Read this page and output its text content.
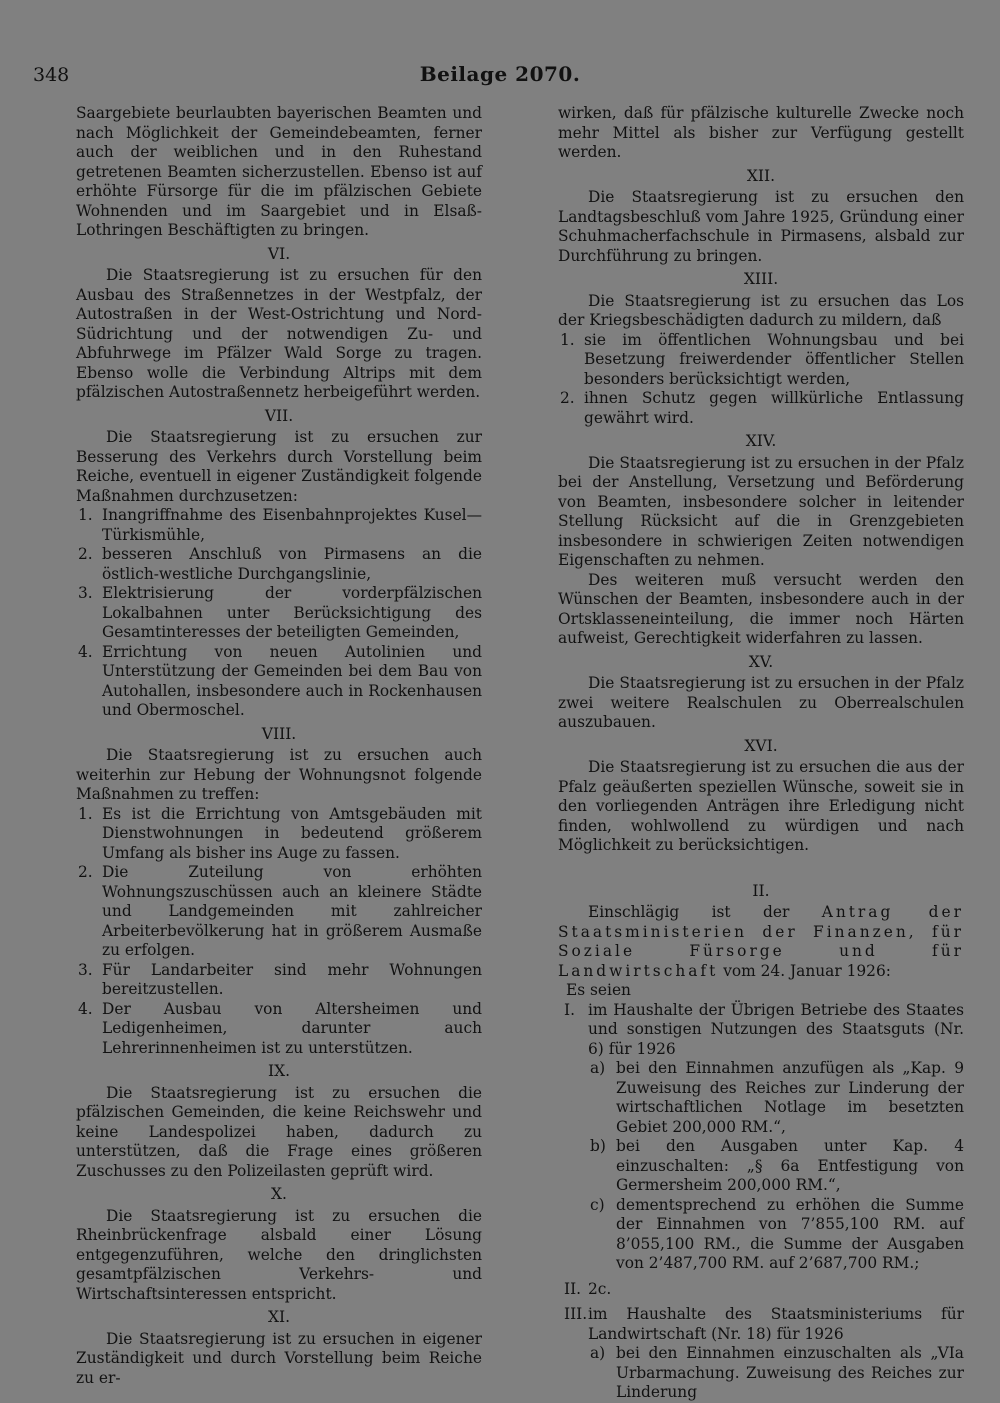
348	Beilage 2070.

Saargebiete beurlaubten bayerischen Beamten und nach Möglichkeit der Gemeindebeamten, ferner auch der weiblichen und in den Ruhestand getretenen Beamten sicherzustellen. Ebenso ist auf erhöhte Fürsorge für die im pfälzischen Gebiete Wohnenden und im Saargebiet und in Elsaß-Lothringen Beschäftigten zu bringen.

VI.

Die Staatsregierung ist zu ersuchen für den Ausbau des Straßennetzes in der Westpfalz, der Autostraßen in der West-Ostrichtung und Nord-Südrichtung und der notwendigen Zu- und Abfuhrwege im Pfälzer Wald Sorge zu tragen. Ebenso wolle die Verbindung Altrips mit dem pfälzischen Autostraßennetz herbeigeführt werden.

VII.

Die Staatsregierung ist zu ersuchen zur Besserung des Verkehrs durch Vorstellung beim Reiche, eventuell in eigener Zuständigkeit folgende Maßnahmen durchzusetzen:

1. Inangriffnahme des Eisenbahnprojektes Kusel—Türkismühle,
2. besseren Anschluß von Pirmasens an die östlich-westliche Durchgangslinie,
3. Elektrisierung der vorderpfälzischen Lokalbahnen unter Berücksichtigung des Gesamtinteresses der beteiligten Gemeinden,
4. Errichtung von neuen Autolinien und Unterstützung der Gemeinden bei dem Bau von Autohallen, insbesondere auch in Rockenhausen und Obermoschel.
VIII.

Die Staatsregierung ist zu ersuchen auch weiterhin zur Hebung der Wohnungsnot folgende Maßnahmen zu treffen:

1. Es ist die Errichtung von Amtsgebäuden mit Dienstwohnungen in bedeutend größerem Umfang als bisher ins Auge zu fassen.
2. Die Zuteilung von erhöhten Wohnungszuschüssen auch an kleinere Städte und Landgemeinden mit zahlreicher Arbeiterbevölkerung hat in größerem Ausmaße zu erfolgen.
3. Für Landarbeiter sind mehr Wohnungen bereitzustellen.
4. Der Ausbau von Altersheimen und Ledigenheimen, darunter auch Lehrerinnenheimen ist zu unterstützen.
IX.

Die Staatsregierung ist zu ersuchen die pfälzischen Gemeinden, die keine Reichswehr und keine Landespolizei haben, dadurch zu unterstützen, daß die Frage eines größeren Zuschusses zu den Polizeilasten geprüft wird.

X.

Die Staatsregierung ist zu ersuchen die Rheinbrückenfrage alsbald einer Lösung entgegenzuführen, welche den dringlichsten gesamtpfälzischen Verkehrs- und Wirtschaftsinteressen entspricht.

XI.

Die Staatsregierung ist zu ersuchen in eigener Zuständigkeit und durch Vorstellung beim Reiche zu er-

wirken, daß für pfälzische kulturelle Zwecke noch mehr Mittel als bisher zur Verfügung gestellt werden.

XII.

Die Staatsregierung ist zu ersuchen den Landtagsbeschluß vom Jahre 1925, Gründung einer Schuhmacherfachschule in Pirmasens, alsbald zur Durchführung zu bringen.

XIII.

Die Staatsregierung ist zu ersuchen das Los der Kriegsbeschädigten dadurch zu mildern, daß

1. sie im öffentlichen Wohnungsbau und bei Besetzung freiwerdender öffentlicher Stellen besonders berücksichtigt werden,
2. ihnen Schutz gegen willkürliche Entlassung gewährt wird.
XIV.

Die Staatsregierung ist zu ersuchen in der Pfalz bei der Anstellung, Versetzung und Beförderung von Beamten, insbesondere solcher in leitender Stellung Rücksicht auf die in Grenzgebieten insbesondere in schwierigen Zeiten notwendigen Eigenschaften zu nehmen.

Des weiteren muß versucht werden den Wünschen der Beamten, insbesondere auch in der Ortsklasseneinteilung, die immer noch Härten aufweist, Gerechtigkeit widerfahren zu lassen.

XV.

Die Staatsregierung ist zu ersuchen in der Pfalz zwei weitere Realschulen zu Oberrealschulen auszubauen.

XVI.

Die Staatsregierung ist zu ersuchen die aus der Pfalz geäußerten speziellen Wünsche, soweit sie in den vorliegenden Anträgen ihre Erledigung nicht finden, wohlwollend zu würdigen und nach Möglichkeit zu berücksichtigen.

II.

Einschlägig ist der Antrag der Staatsministerien der Finanzen, für Soziale Fürsorge und für Landwirtschaft vom 24. Januar 1926:

Es seien

I. im Haushalte der Übrigen Betriebe des Staates und sonstigen Nutzungen des Staatsguts (Nr. 6) für 1926
a) bei den Einnahmen anzufügen als „Kap. 9 Zuweisung des Reiches zur Linderung der wirtschaftlichen Notlage im besetzten Gebiet 200,000 RM.“,
b) bei den Ausgaben unter Kap. 4 einzuschalten: „§ 6a Entfestigung von Germersheim 200,000 RM.“,
c) dementsprechend zu erhöhen die Summe der Einnahmen von 7’855,100 RM. auf 8’055,100 RM., die Summe der Ausgaben von 2’487,700 RM. auf 2’687,700 RM.;
II. 2c.
III. im Haushalte des Staatsministeriums für Landwirtschaft (Nr. 18) für 1926
a) bei den Einnahmen einzuschalten als „VIa Urbarmachung. Zuweisung des Reiches zur Linderung
